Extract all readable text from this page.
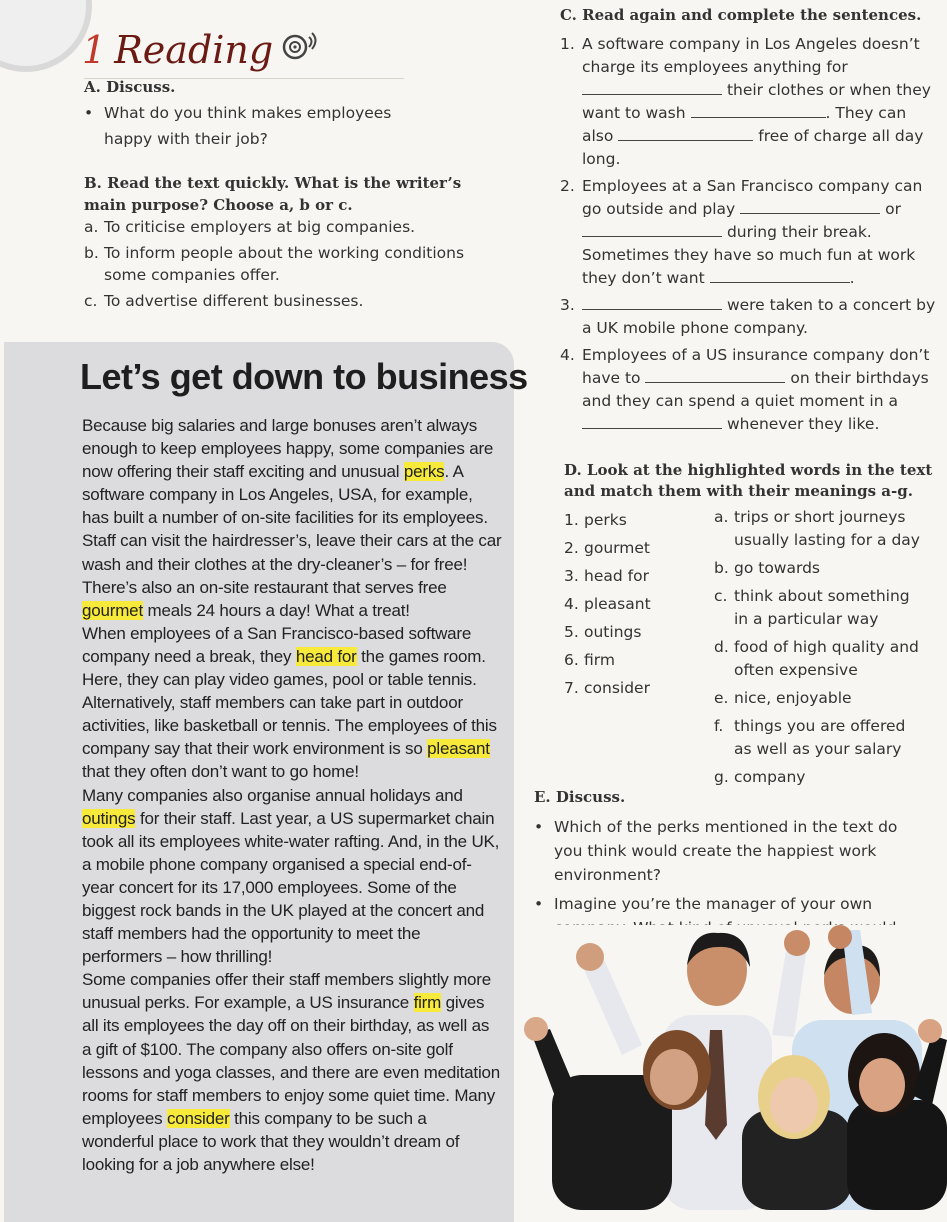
1 Reading
A. Discuss.
• What do you think makes employees happy with their job?
B. Read the text quickly. What is the writer’s main purpose? Choose a, b or c.
a. To criticise employers at big companies.
b. To inform people about the working conditions some companies offer.
c. To advertise different businesses.
Let’s get down to business

Because big salaries and large bonuses aren’t always enough to keep employees happy, some companies are now offering their staff exciting and unusual perks. A software company in Los Angeles, USA, for example, has built a number of on-site facilities for its employees. Staff can visit the hairdresser’s, leave their cars at the car wash and their clothes at the dry-cleaner’s – for free! There’s also an on-site restaurant that serves free gourmet meals 24 hours a day! What a treat!

When employees of a San Francisco-based software company need a break, they head for the games room. Here, they can play video games, pool or table tennis. Alternatively, staff members can take part in outdoor activities, like basketball or tennis. The employees of this company say that their work environment is so pleasant that they often don’t want to go home!

Many companies also organise annual holidays and outings for their staff. Last year, a US supermarket chain took all its employees white-water rafting. And, in the UK, a mobile phone company organised a special end-of-year concert for its 17,000 employees. Some of the biggest rock bands in the UK played at the concert and staff members had the opportunity to meet the performers – how thrilling!

Some companies offer their staff members slightly more unusual perks. For example, a US insurance firm gives all its employees the day off on their birthday, as well as a gift of $100. The company also offers on-site golf lessons and yoga classes, and there are even meditation rooms for staff members to enjoy some quiet time. Many employees consider this company to be such a wonderful place to work that they wouldn’t dream of looking for a job anywhere else!

C. Read again and complete the sentences.
1. A software company in Los Angeles doesn’t charge its employees anything for
their clothes or when they want to wash	. They can also	free of charge all day long.
2. Employees at a San Francisco company can go outside and play	or
during their break. Sometimes they have so much fun at work they don’t want	.
3.	were taken to a concert by a UK mobile phone company.
4. Employees of a US insurance company don’t have to	on their birthdays and they can spend a quiet moment in a  whenever they like.
D. Look at the highlighted words in the text and match them with their meanings a-g.
1. perks
2. gourmet
3. head for
4. pleasant
5. outings
6. firm
7. consider
a. trips or short journeys usually lasting for a day
b. go towards
c. think about something in a particular way
d. food of high quality and often expensive
e. nice, enjoyable
f. things you are offered as well as your salary
g. company
E. Discuss.
• Which of the perks mentioned in the text do you think would create the happiest work environment?
• Imagine you’re the manager of your own
